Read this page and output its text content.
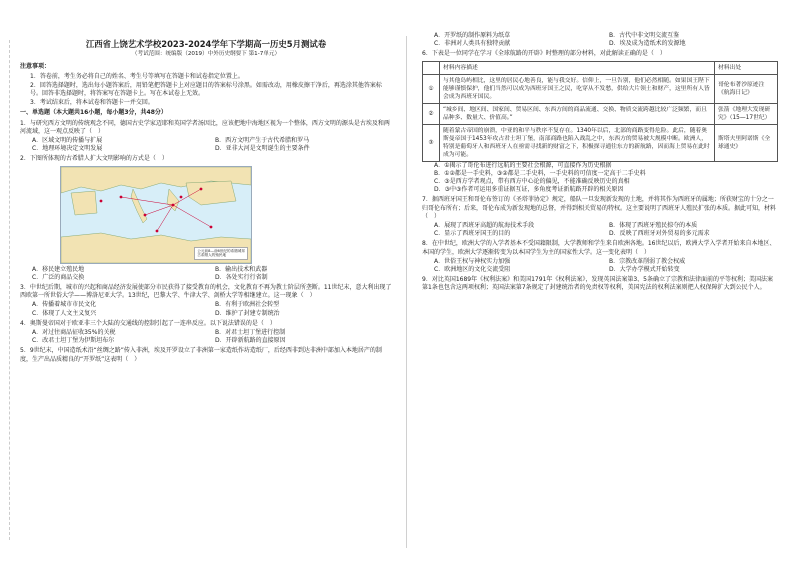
江西省上饶艺术学校2023-2024学年下学期高一历史5月测试卷
（考试范围：统编版（2019）中外历史纲要下 第1-7单元）
注意事项：
1．答卷前，考生务必将自己的姓名、考生号等填写在答题卡和试卷指定位置上。
2．回答选择题时，选出每小题答案后，用铅笔把答题卡上对应题目的答案标号涂黑。如需改动，用橡皮擦干净后，再选涂其他答案标号。回答非选择题时，将答案写在答题卡上。写在本试卷上无效。
3．考试结束后，将本试卷和答题卡一并交回。
一、单选题（本大题共16小题，每小题3分，共48分）
1．与研究西方文明的传统观念不同，德国古史学家迈耶和英国学者汤因比，应该把地中海地区视为一个整体，西方文明的源头是古埃及和两河流域，这一观点反映了（　）
A．区域文明的传播与扩展	B．西方文明产生于古代希腊和罗马
C．地理环境决定文明发展	D．亚非大河是文明诞生的主要条件
2．下图所体现的古希腊人扩大文明影响的方式是（　）
公元前8—前6世纪的希腊城邦
古希腊人的殖民地
A．移民建立殖民地	B．输出技术和武器
C．广泛的商品交换	D．各处实行行省制
3．中世纪后期，城市的兴起和商品经济发展使部分市民获得了接受教育的机会，文化教育不再为教士阶层所垄断。11世纪末，意大利出现了西欧第一所世俗大学——博洛尼亚大学。13世纪，巴黎大学、牛津大学、剑桥大学等相继建立。这一现象（　）
A．传播着城市市民文化	B．有利于欧洲社会转型
C．体现了人文主义复兴	D．维护了封建专制统治
4．奥斯曼帝国对于欧亚非三个大陆的交通线的控制引起了一连串反应。以下说法错误的是（　）
A．对过往商品征收35%的关税	B．对君士坦丁堡进行控制
C．改君士坦丁堡为伊斯坦布尔	D．开辟新航路的直接原因
5．9世纪末，中国造纸术沿“丝绸之路”传入非洲，埃及开罗设立了非洲第一家造纸作坊造纸厂，后经西非到达非洲中部加入本地居产的制度，生产出品质精良的“开罗纸”这表明（　）
A．开罗纸的制作原料为纸草	B．古代中非文明交流互鉴
C．非洲对人类具有独特贡献	D．埃及成为造纸术的发源地
6．下表是一位同学在学习《全球航路的开辟》时整理的部分材料，对此解读正确的是（　）
	材料内容描述	材料出处
①	与其他岛屿相比，这里的居民心地善良，能与我交好。信仰上，一旦告别，他们必然相随。如果国王陛下能够谨慎保护，他们当然可以成为西班牙国王之民，吃穿从不发愁，供给大片领土和财产，这里所有人皆会成为西班牙国民。	哥伦布著沙原迹注《航海日记》
②	“城乡间、地区间、国家间、贸易区间、东西方间的商品流通、交换、物质交流跨越比较广泛频繁，而且品种多、数量大、价值高。”	张箭《地理大发现研究》（15—17世纪）
③	随着蒙古帝国的崩溃，中亚的和平与秩序不复存在。1340年以后，北部的商路变得危险。此后，随着奥斯曼帝国于1453年攻占君士坦丁堡，南部商路也陷入战乱之中，东西方的贸易被大规模中断。欧洲人，特别是葡萄牙人和西班牙人在亟需寻找新的财富之下，积极探寻通往东方的新航路，因而海上贸易在此时成为可能。	斯塔夫里阿诺斯《全球通史》
A．①揭示了哥伦布进行远航的主要社会根源，可直接作为历史根据
B．①②都是一手史料，③②都是二手史料，一手史料的可信度一定高于二手史料
C．③是西方学者观点，带有西方中心论的偏见，不能准确反映历史的真相
D．③中③作者可运用多重证据互证，多角度考证新航路开辟的相关原因
7．据西班牙国王和哥伦布签订的《圣塔菲协定》规定，船队一旦发现新发现的土地，并将其作为西班牙的属地；所获财宝的十分之一归哥伦布所有；后来，哥伦布成为新发现地的总督，并得到相关贸易的特权。这主要说明了西班牙人殖民扩张的本质。据此可知，材料（　）
A．展现了西班牙高超的航海技术手段	B．体现了西班牙殖民掠夺的本质
C．显示了西班牙国王的目的	D．反映了西班牙对外贸易的多元需求
8．在中世纪，欧洲大学的入学者基本不受国籍限制，大学教师和学生来自欧洲各地。16世纪以后，欧洲大学入学者开始来自本地区、本国的学生，欧洲大学逐渐转变为以本国学生为主的国家性大学。这一变化表明（　）
A．世俗王权与神权实力加强	B．宗教改革削弱了教会权威
C．欧洲地区的文化交流受阻	D．大学办学模式开始转变
9．对比英国1689年《权利法案》和美国1791年《权利法案》，发现英国法案第3、5条确立了宗教和法律面前的平等权利；美国法案第1条也包含这两项权利；英国法案第7条规定了封建统治者的免责权等权利，美国宪法的权利法案则把人权保障扩大到公民个人。
